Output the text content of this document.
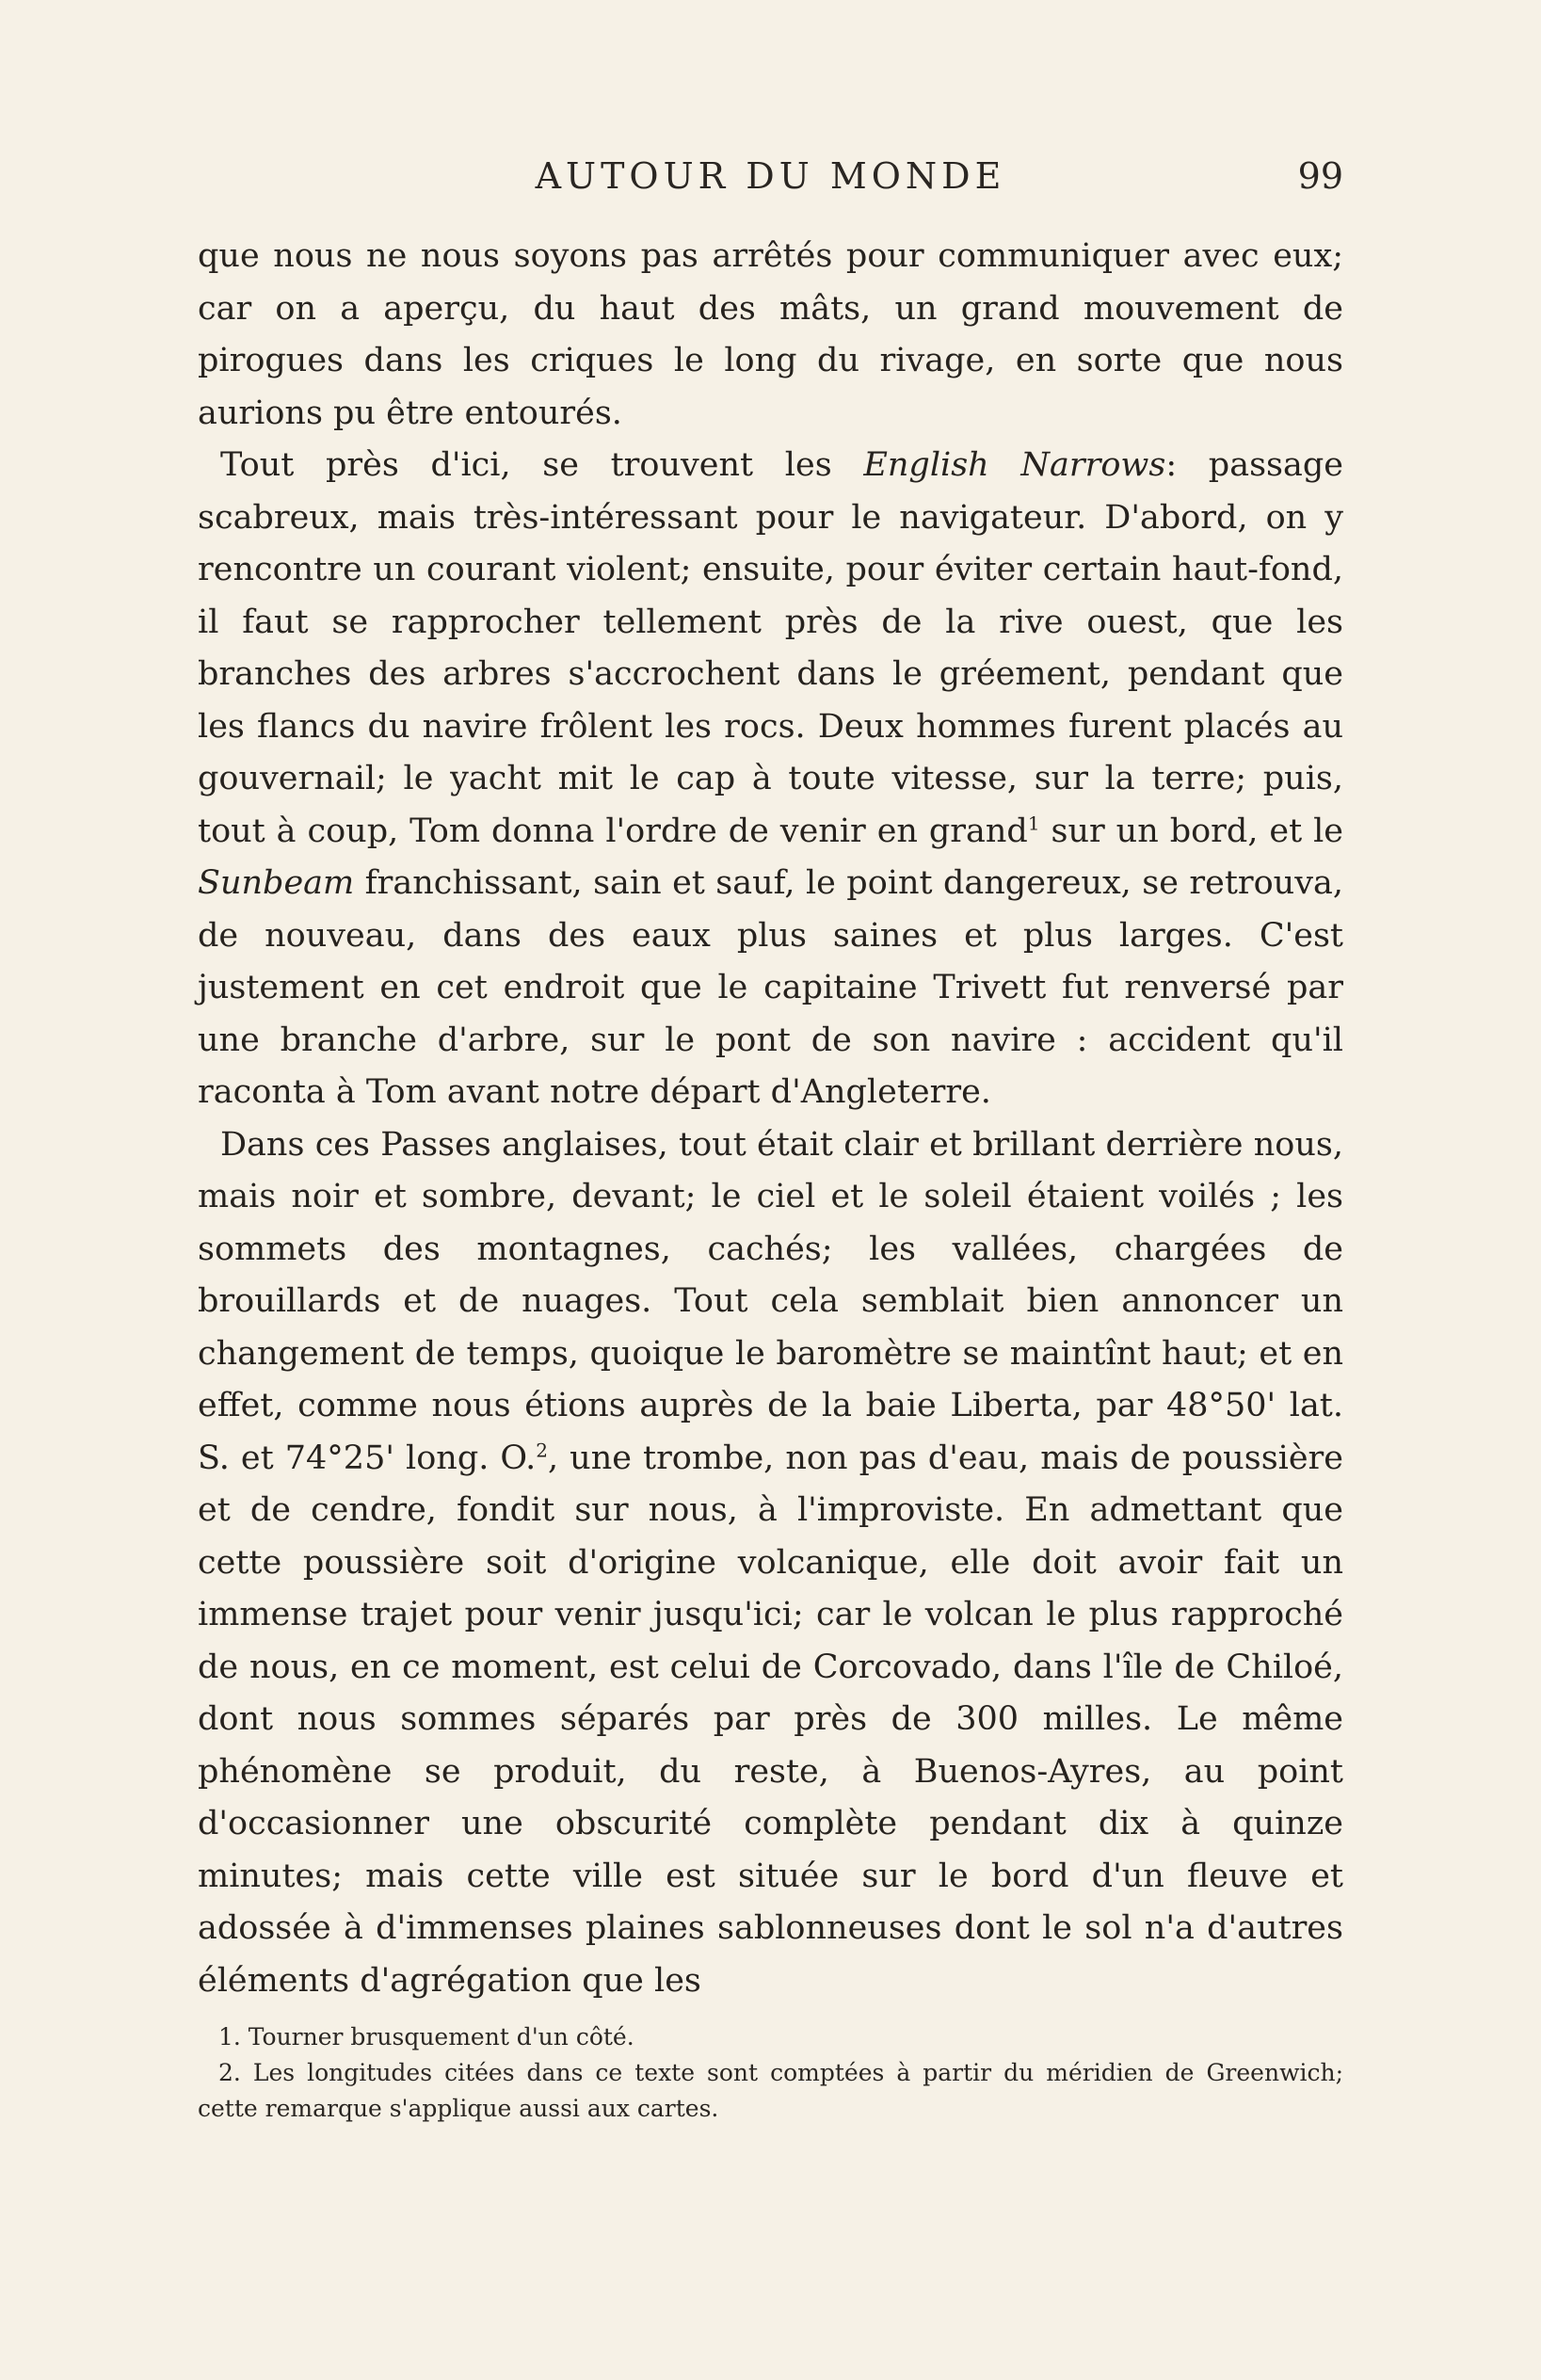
AUTOUR DU MONDE	99

que nous ne nous soyons pas arrêtés pour communiquer avec eux; car on a aperçu, du haut des mâts, un grand mouvement de pirogues dans les criques le long du rivage, en sorte que nous aurions pu être entourés.

Tout près d'ici, se trouvent les English Narrows: passage scabreux, mais très-intéressant pour le navigateur. D'abord, on y rencontre un courant violent; ensuite, pour éviter certain haut-fond, il faut se rapprocher tellement près de la rive ouest, que les branches des arbres s'accrochent dans le gréement, pendant que les flancs du navire frôlent les rocs. Deux hommes furent placés au gouvernail; le yacht mit le cap à toute vitesse, sur la terre; puis, tout à coup, Tom donna l'ordre de venir en grand$^1$ sur un bord, et le Sunbeam franchissant, sain et sauf, le point dangereux, se retrouva, de nouveau, dans des eaux plus saines et plus larges. C'est justement en cet endroit que le capitaine Trivett fut renversé par une branche d'arbre, sur le pont de son navire : accident qu'il raconta à Tom avant notre départ d'Angleterre.

Dans ces Passes anglaises, tout était clair et brillant derrière nous, mais noir et sombre, devant; le ciel et le soleil étaient voilés ; les sommets des montagnes, cachés; les vallées, chargées de brouillards et de nuages. Tout cela semblait bien annoncer un changement de temps, quoique le baromètre se maintînt haut; et en effet, comme nous étions auprès de la baie Liberta, par 48°50' lat. S. et 74°25' long. O.$^2$, une trombe, non pas d'eau, mais de poussière et de cendre, fondit sur nous, à l'improviste. En admettant que cette poussière soit d'origine volcanique, elle doit avoir fait un immense trajet pour venir jusqu'ici; car le volcan le plus rapproché de nous, en ce moment, est celui de Corcovado, dans l'île de Chiloé, dont nous sommes séparés par près de 300 milles. Le même phénomène se produit, du reste, à Buenos-Ayres, au point d'occasionner une obscurité complète pendant dix à quinze minutes; mais cette ville est située sur le bord d'un fleuve et adossée à d'immenses plaines sablonneuses dont le sol n'a d'autres éléments d'agrégation que les

1. Tourner brusquement d'un côté.

2. Les longitudes citées dans ce texte sont comptées à partir du méridien de Greenwich; cette remarque s'applique aussi aux cartes.
